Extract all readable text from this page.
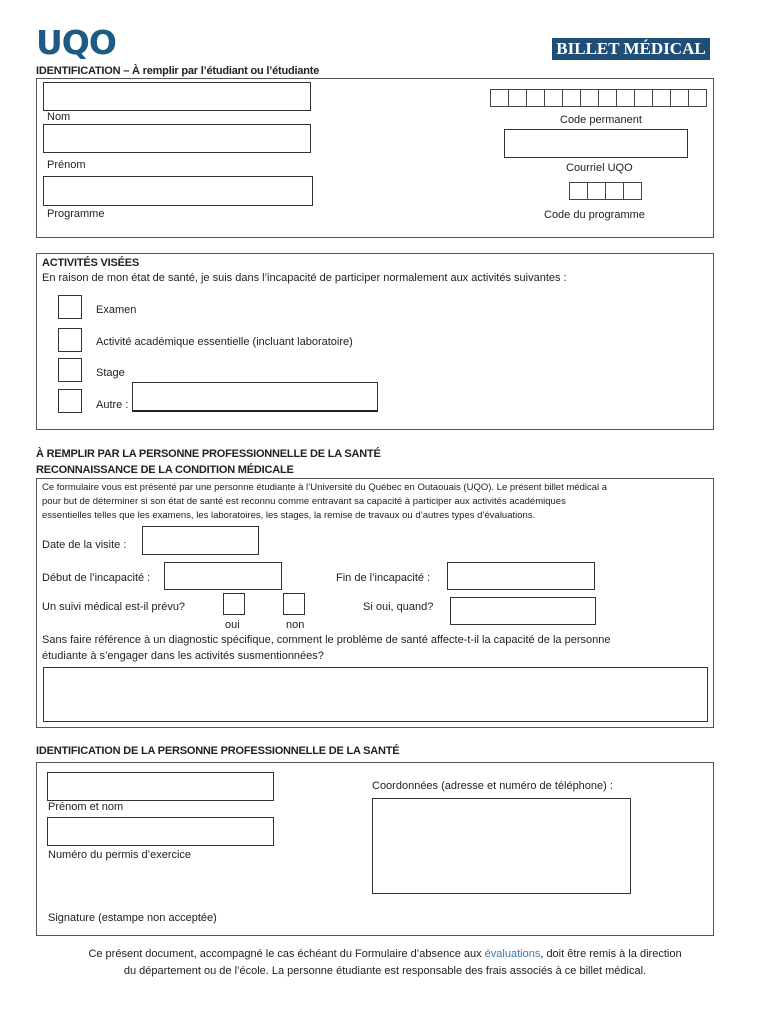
UQO	BILLET MÉDICAL
IDENTIFICATION – À remplir par l’étudiant ou l’étudiante
Nom
Prénom
Programme
Code permanent
Courriel UQO
Code du programme
ACTIVITÉS VISÉES
En raison de mon état de santé, je suis dans l’incapacité de participer normalement aux activités suivantes :
Examen
Activité académique essentielle (incluant laboratoire)
Stage
Autre :
À REMPLIR PAR LA PERSONNE PROFESSIONNELLE DE LA SANTÉ
RECONNAISSANCE DE LA CONDITION MÉDICALE
Ce formulaire vous est présenté par une personne étudiante à l’Université du Québec en Outaouais (UQO). Le présent billet médical a
pour but de déterminer si son état de santé est reconnu comme entravant sa capacité à participer aux activités académiques
essentielles telles que les examens, les laboratoires, les stages, la remise de travaux ou d’autres types d’évaluations.
Date de la visite :
Début de l’incapacité :	Fin de l’incapacité :
Un suivi médical est-il prévu?
oui	non
Si oui, quand?
Sans faire référence à un diagnostic spécifique, comment le problème de santé affecte-t-il la capacité de la personne
étudiante à s’engager dans les activités susmentionnées?
IDENTIFICATION DE LA PERSONNE PROFESSIONNELLE DE LA SANTÉ
Prénom et nom
Numéro du permis d’exercice
Coordonnées (adresse et numéro de téléphone) :
Signature (estampe non acceptée)
Ce présent document, accompagné le cas échéant du Formulaire d’absence aux évaluations, doit être remis à la direction
du département ou de l’école. La personne étudiante est responsable des frais associés à ce billet médical.
